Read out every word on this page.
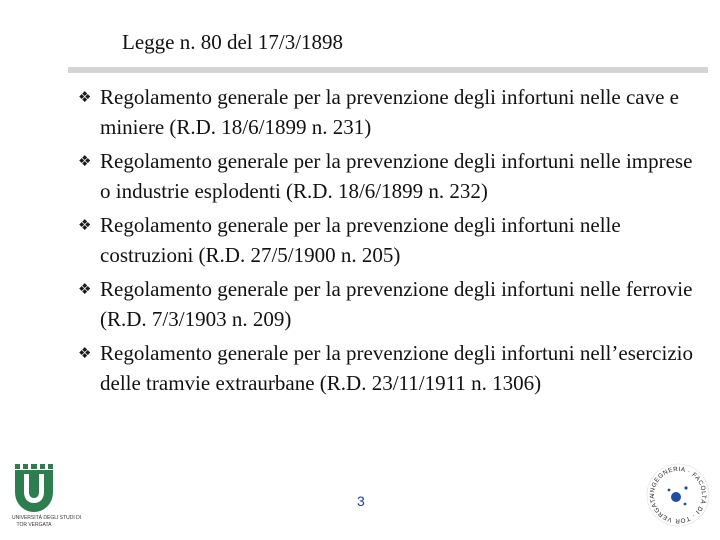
Legge n. 80 del 17/3/1898
❖ Regolamento generale per la prevenzione degli infortuni nelle cave e miniere (R.D. 18/6/1899 n. 231)
❖ Regolamento generale per la prevenzione degli infortuni nelle imprese o industrie esplodenti (R.D. 18/6/1899 n. 232)
❖ Regolamento generale per la prevenzione degli infortuni nelle costruzioni (R.D. 27/5/1900 n. 205)
❖ Regolamento generale per la prevenzione degli infortuni nelle ferrovie (R.D. 7/3/1903 n. 209)
❖ Regolamento generale per la prevenzione degli infortuni nell’esercizio delle tramvie extraurbane (R.D. 23/11/1911 n. 1306)
UNIVERSITÀ DEGLI STUDI DI
TOR VERGATA
3	INGEGNERIA · FACOLTÀ DI · TOR VERGATA
